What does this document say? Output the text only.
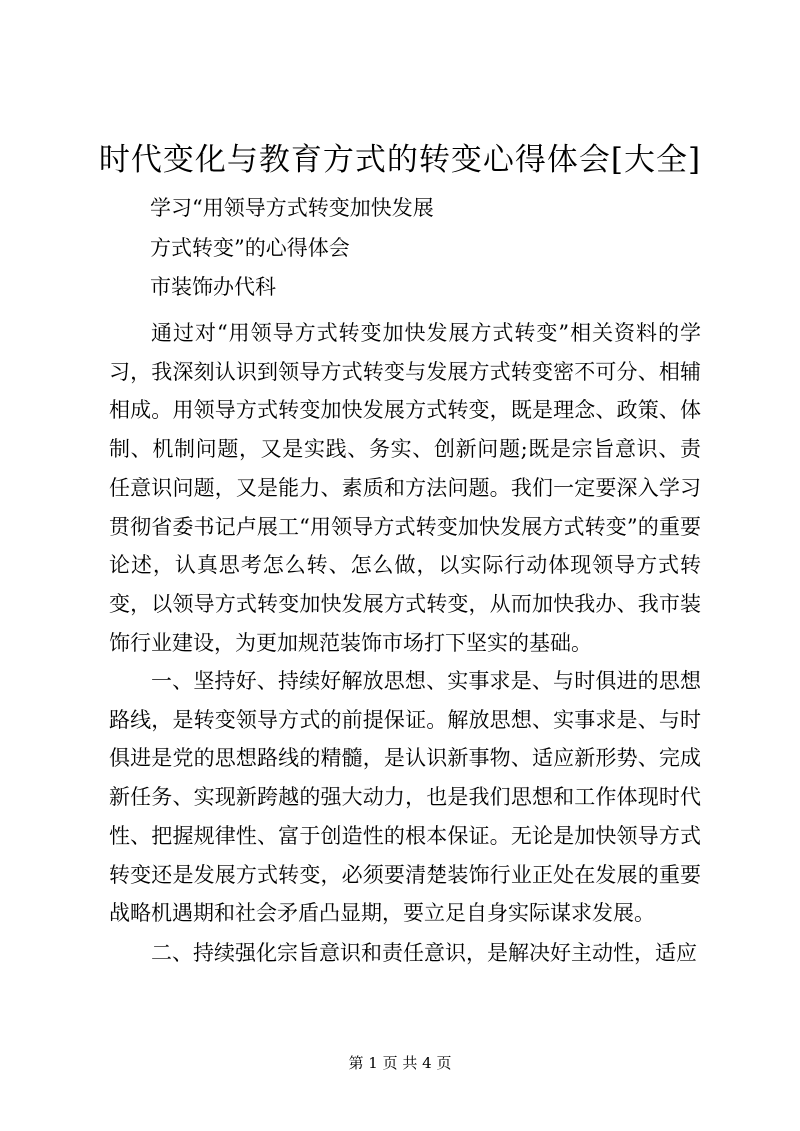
时代变化与教育方式的转变心得体会[大全]

学习“用领导方式转变加快发展

方式转变”的心得体会

市装饰办代科

通过对“用领导方式转变加快发展方式转变”相关资料的学习，我深刻认识到领导方式转变与发展方式转变密不可分、相辅相成。用领导方式转变加快发展方式转变，既是理念、政策、体制、机制问题，又是实践、务实、创新问题;既是宗旨意识、责任意识问题，又是能力、素质和方法问题。我们一定要深入学习贯彻省委书记卢展工“用领导方式转变加快发展方式转变”的重要论述，认真思考怎么转、怎么做，以实际行动体现领导方式转变，以领导方式转变加快发展方式转变，从而加快我办、我市装饰行业建设，为更加规范装饰市场打下坚实的基础。

一、坚持好、持续好解放思想、实事求是、与时俱进的思想路线，是转变领导方式的前提保证。解放思想、实事求是、与时俱进是党的思想路线的精髓，是认识新事物、适应新形势、完成新任务、实现新跨越的强大动力，也是我们思想和工作体现时代性、把握规律性、富于创造性的根本保证。无论是加快领导方式转变还是发展方式转变，必须要清楚装饰行业正处在发展的重要战略机遇期和社会矛盾凸显期，要立足自身实际谋求发展。

二、持续强化宗旨意识和责任意识，是解决好主动性，适应

第 1 页 共 4 页
